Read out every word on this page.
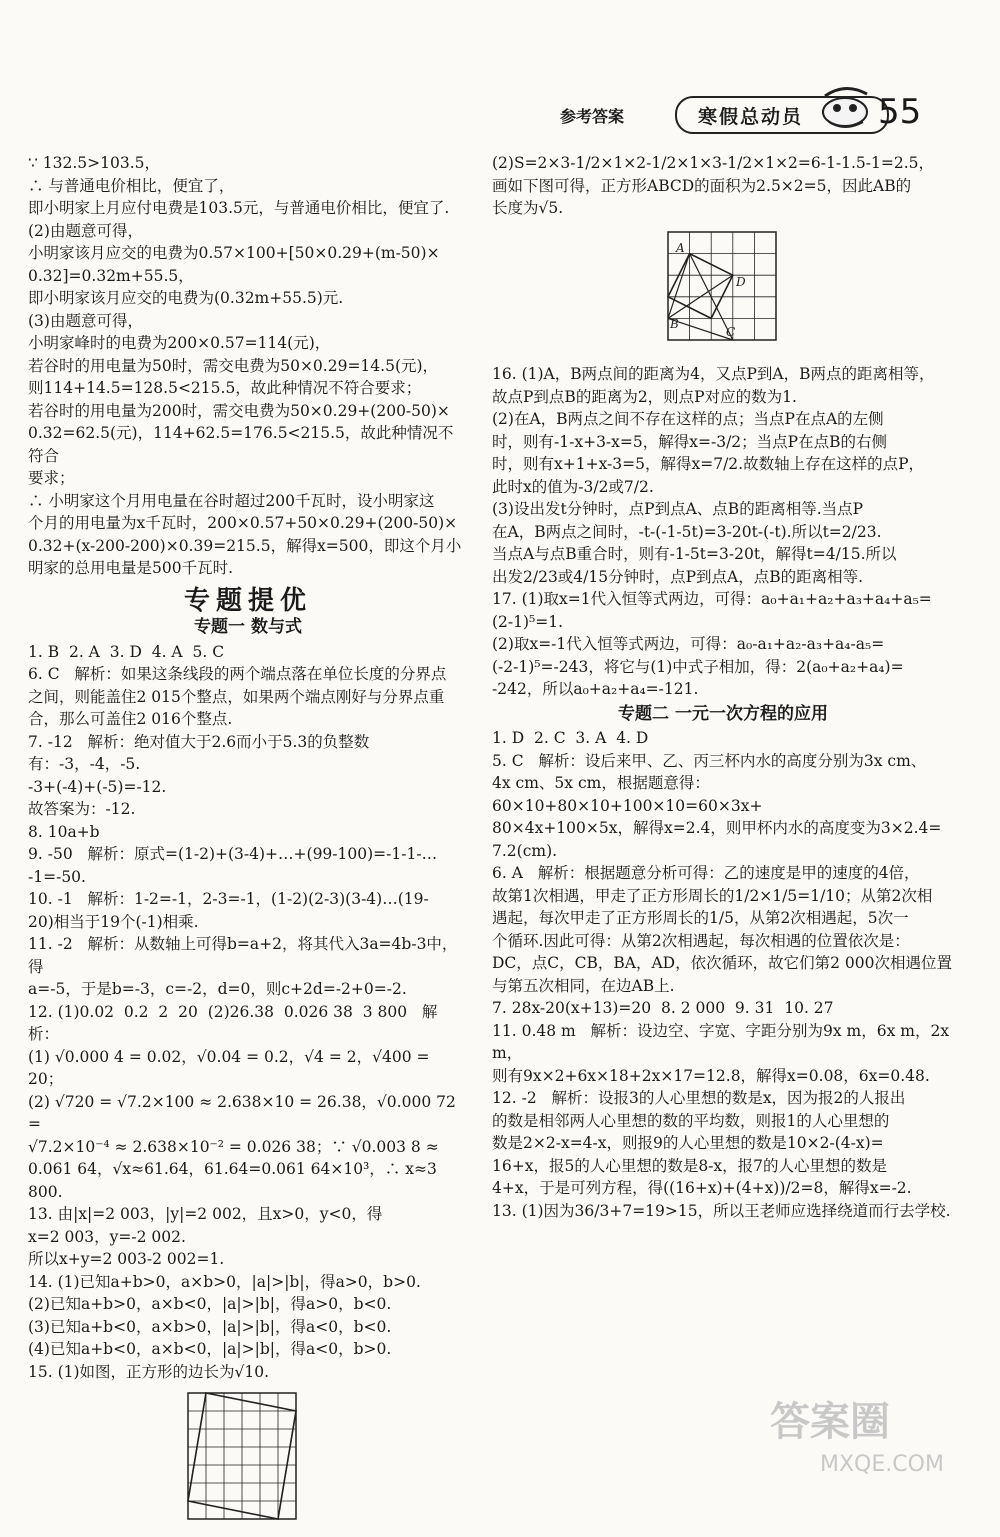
参考答案	寒假总动员 55
∵ 132.5>103.5，
∴ 与普通电价相比，便宜了，
即小明家上月应付电费是103.5元，与普通电价相比，便宜了.
(2)由题意可得，
小明家该月应交的电费为0.57×100+[50×0.29+(m-50)×
0.32]=0.32m+55.5，
即小明家该月应交的电费为(0.32m+55.5)元.
(3)由题意可得，
小明家峰时的电费为200×0.57=114(元)，
若谷时的用电量为50时，需交电费为50×0.29=14.5(元)，
则114+14.5=128.5<215.5，故此种情况不符合要求；
若谷时的用电量为200时，需交电费为50×0.29+(200-50)×
0.32=62.5(元)，114+62.5=176.5<215.5，故此种情况不符合
要求；
∴ 小明家这个月用电量在谷时超过200千瓦时，设小明家这
个月的用电量为x千瓦时，200×0.57+50×0.29+(200-50)×
0.32+(x-200-200)×0.39=215.5，解得x=500，即这个月小
明家的总用电量是500千瓦时.
专题提优
专题一 数与式
1. B  2. A  3. D  4. A  5. C
6. C   解析：如果这条线段的两个端点落在单位长度的分界点
之间，则能盖住2 015个整点，如果两个端点刚好与分界点重
合，那么可盖住2 016个整点.
7. -12   解析：绝对值大于2.6而小于5.3的负整数有：-3，-4，-5.
-3+(-4)+(-5)=-12.
故答案为：-12.
8. 10a+b
9. -50   解析：原式=(1-2)+(3-4)+…+(99-100)=-1-1-…
-1=-50.
10. -1   解析：1-2=-1，2-3=-1，(1-2)(2-3)(3-4)…(19-
20)相当于19个(-1)相乘.
11. -2   解析：从数轴上可得b=a+2，将其代入3a=4b-3中，得
a=-5，于是b=-3，c=-2，d=0，则c+2d=-2+0=-2.
12. (1)0.02  0.2  2  20  (2)26.38  0.026 38  3 800   解析：
(1) √0.000 4 = 0.02，√0.04 = 0.2，√4 = 2，√400 = 20；
(2) √720 = √7.2×100 ≈ 2.638×10 = 26.38，√0.000 72 =
√7.2×10⁻⁴ ≈ 2.638×10⁻² = 0.026 38；∵ √0.003 8 ≈
0.061 64，√x≈61.64，61.64=0.061 64×10³，∴ x≈3 800.
13. 由|x|=2 003，|y|=2 002，且x>0，y<0，得
x=2 003，y=-2 002.
所以x+y=2 003-2 002=1.
14. (1)已知a+b>0，a×b>0，|a|>|b|，得a>0，b>0.
(2)已知a+b>0，a×b<0，|a|>|b|，得a>0，b<0.
(3)已知a+b<0，a×b>0，|a|>|b|，得a<0，b<0.
(4)已知a+b<0，a×b<0，|a|>|b|，得a<0，b>0.
15. (1)如图，正方形的边长为√10.
(2)S=2×3-1/2×1×2-1/2×1×3-1/2×1×2=6-1-1.5-1=2.5，
画如下图可得，正方形ABCD的面积为2.5×2=5，因此AB的
长度为√5.
A
D
B
C
16. (1)A，B两点间的距离为4，又点P到A，B两点的距离相等，
故点P到点B的距离为2，则点P对应的数为1.
(2)在A，B两点之间不存在这样的点；当点P在点A的左侧
时，则有-1-x+3-x=5，解得x=-3/2；当点P在点B的右侧
时，则有x+1+x-3=5，解得x=7/2.故数轴上存在这样的点P，
此时x的值为-3/2或7/2.
(3)设出发t分钟时，点P到点A、点B的距离相等.当点P
在A，B两点之间时，-t-(-1-5t)=3-20t-(-t).所以t=2/23.
当点A与点B重合时，则有-1-5t=3-20t，解得t=4/15.所以
出发2/23或4/15分钟时，点P到点A，点B的距离相等.
17. (1)取x=1代入恒等式两边，可得：a₀+a₁+a₂+a₃+a₄+a₅=
(2-1)⁵=1.
(2)取x=-1代入恒等式两边，可得：a₀-a₁+a₂-a₃+a₄-a₅=
(-2-1)⁵=-243，将它与(1)中式子相加，得：2(a₀+a₂+a₄)=
-242，所以a₀+a₂+a₄=-121.
专题二 一元一次方程的应用
1. D  2. C  3. A  4. D
5. C   解析：设后来甲、乙、丙三杯内水的高度分别为3x cm、
4x cm、5x cm，根据题意得：60×10+80×10+100×10=60×3x+
80×4x+100×5x，解得x=2.4，则甲杯内水的高度变为3×2.4=
7.2(cm).
6. A   解析：根据题意分析可得：乙的速度是甲的速度的4倍，
故第1次相遇，甲走了正方形周长的1/2×1/5=1/10；从第2次相
遇起，每次甲走了正方形周长的1/5，从第2次相遇起，5次一
个循环.因此可得：从第2次相遇起，每次相遇的位置依次是：
DC，点C，CB，BA，AD，依次循环，故它们第2 000次相遇位置
与第五次相同，在边AB上.
7. 28x-20(x+13)=20  8. 2 000  9. 31  10. 27
11. 0.48 m   解析：设边空、字宽、字距分别为9x m，6x m，2x m，
则有9x×2+6x×18+2x×17=12.8，解得x=0.08，6x=0.48.
12. -2   解析：设报3的人心里想的数是x，因为报2的人报出
的数是相邻两人心里想的数的平均数，则报1的人心里想的
数是2×2-x=4-x，则报9的人心里想的数是10×2-(4-x)=
16+x，报5的人心里想的数是8-x，报7的人心里想的数是
4+x，于是可列方程，得((16+x)+(4+x))/2=8，解得x=-2.
13. (1)因为36/3+7=19>15，所以王老师应选择绕道而行去学校.
答案圈
MXQE.COM
